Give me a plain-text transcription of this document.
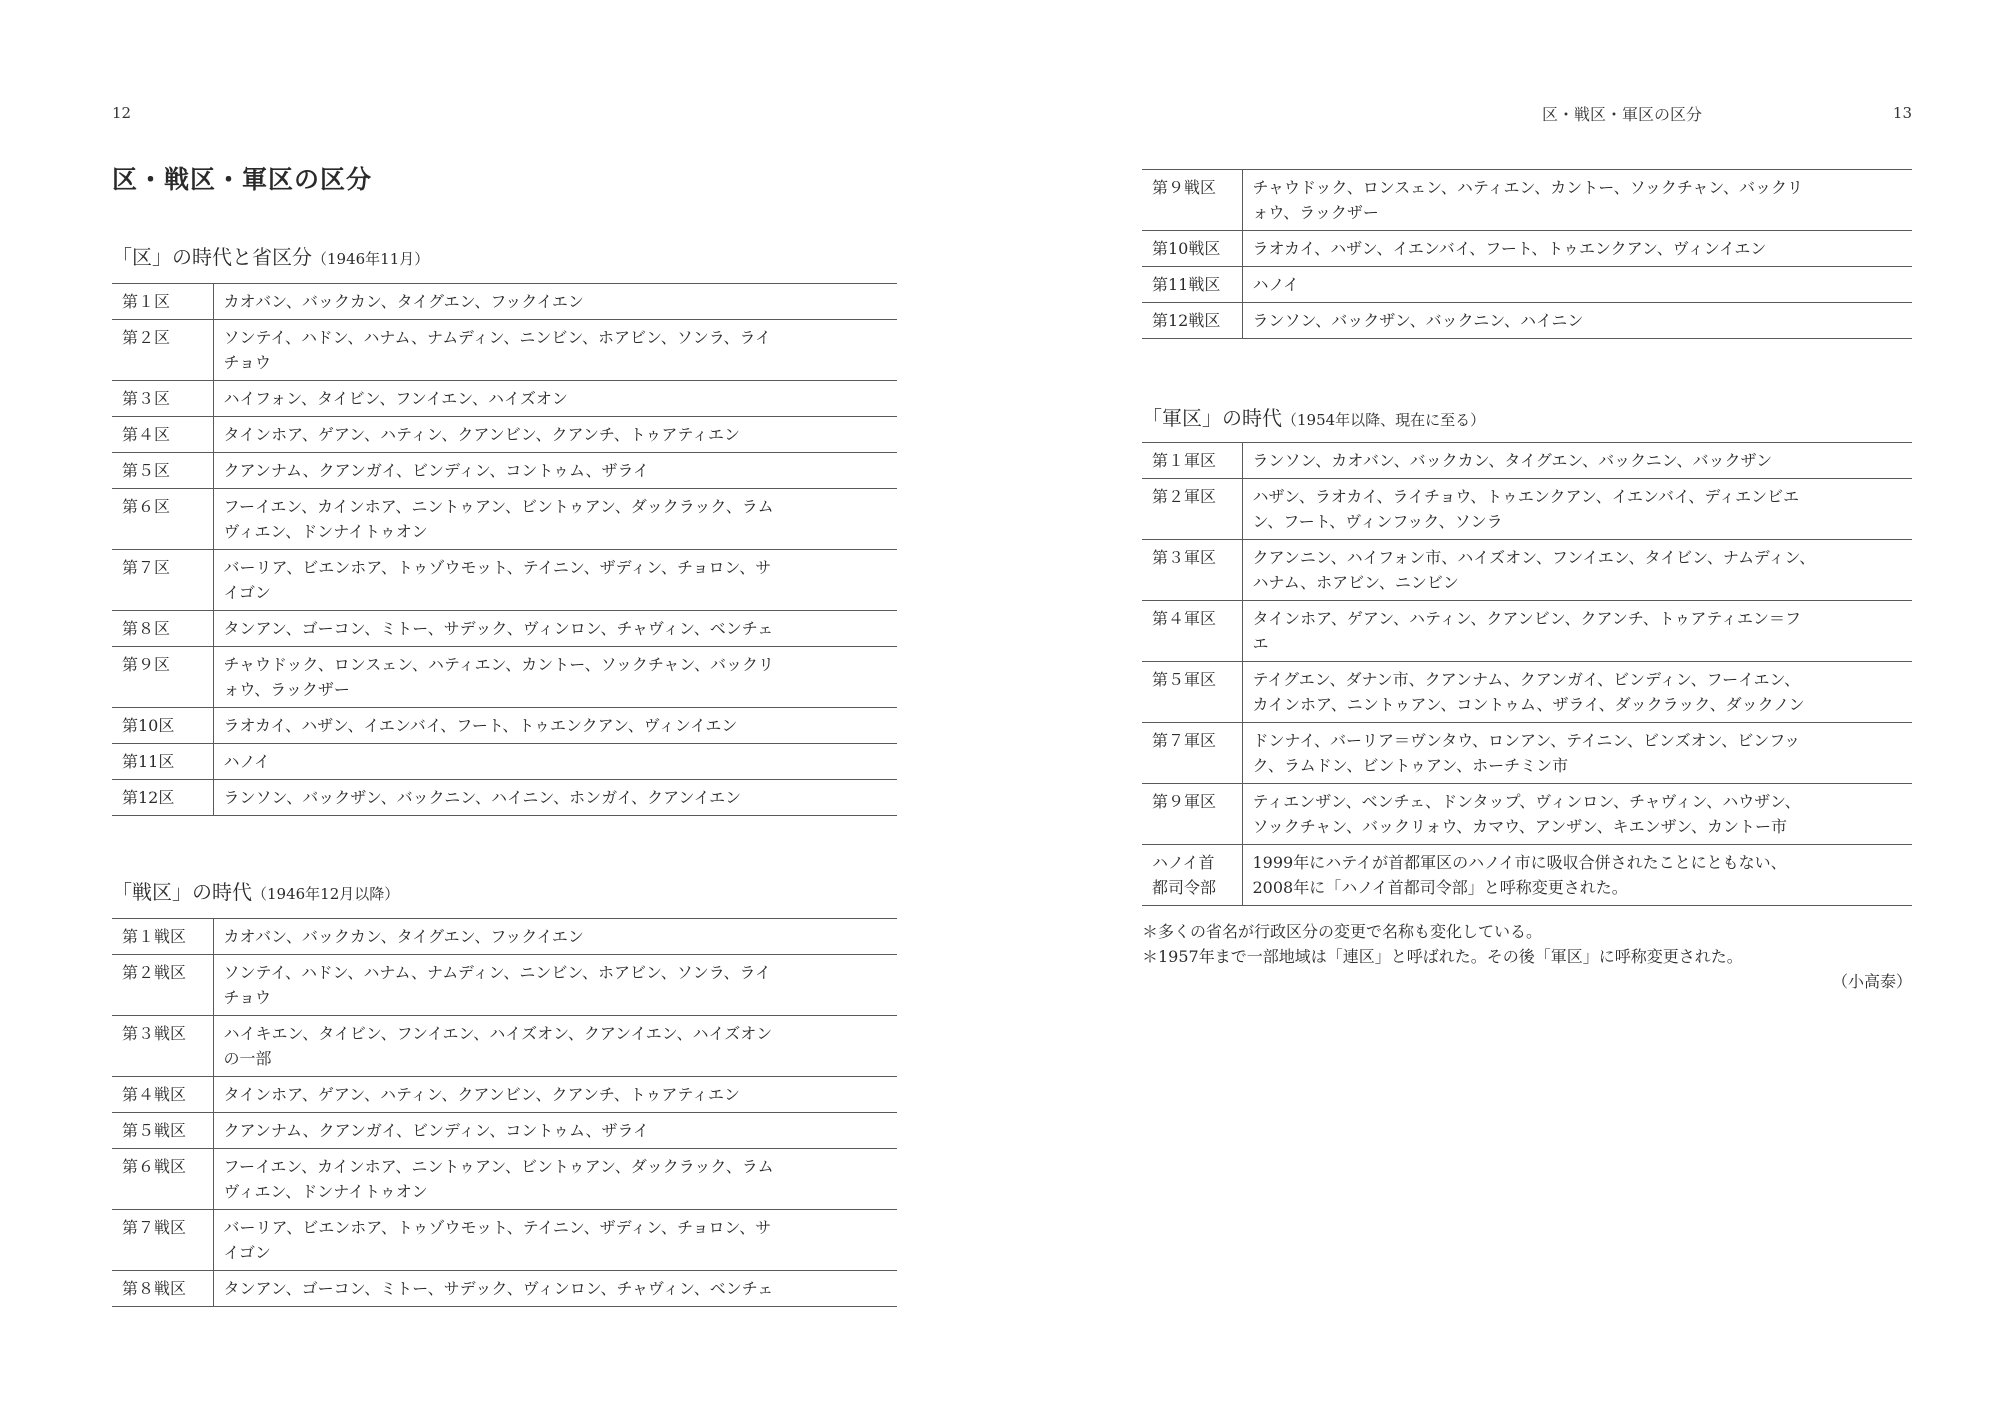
12
区・戦区・軍区の区分
「区」の時代と省区分（1946年11月）
第１区	カオバン、バックカン、タイグエン、フックイエン
第２区	ソンテイ、ハドン、ハナム、ナムディン、ニンビン、ホアビン、ソンラ、ライ
チョウ
第３区	ハイフォン、タイビン、フンイエン、ハイズオン
第４区	タインホア、ゲアン、ハティン、クアンビン、クアンチ、トゥアティエン
第５区	クアンナム、クアンガイ、ビンディン、コントゥム、ザライ
第６区	フーイエン、カインホア、ニントゥアン、ビントゥアン、ダックラック、ラム
ヴィエン、ドンナイトゥオン
第７区	バーリア、ビエンホア、トゥゾウモット、テイニン、ザディン、チョロン、サ
イゴン
第８区	タンアン、ゴーコン、ミトー、サデック、ヴィンロン、チャヴィン、ベンチェ
第９区	チャウドック、ロンスェン、ハティエン、カントー、ソックチャン、バックリ
ォウ、ラックザー
第10区	ラオカイ、ハザン、イエンバイ、フート、トゥエンクアン、ヴィンイエン
第11区	ハノイ
第12区	ランソン、バックザン、バックニン、ハイニン、ホンガイ、クアンイエン
「戦区」の時代（1946年12月以降）
第１戦区	カオバン、バックカン、タイグエン、フックイエン
第２戦区	ソンテイ、ハドン、ハナム、ナムディン、ニンビン、ホアビン、ソンラ、ライ
チョウ
第３戦区	ハイキエン、タイビン、フンイエン、ハイズオン、クアンイエン、ハイズオン
の一部
第４戦区	タインホア、ゲアン、ハティン、クアンビン、クアンチ、トゥアティエン
第５戦区	クアンナム、クアンガイ、ビンディン、コントゥム、ザライ
第６戦区	フーイエン、カインホア、ニントゥアン、ビントゥアン、ダックラック、ラム
ヴィエン、ドンナイトゥオン
第７戦区	バーリア、ビエンホア、トゥゾウモット、テイニン、ザディン、チョロン、サ
イゴン
第８戦区	タンアン、ゴーコン、ミトー、サデック、ヴィンロン、チャヴィン、ベンチェ
区・戦区・軍区の区分	13
第９戦区	チャウドック、ロンスェン、ハティエン、カントー、ソックチャン、バックリ
ォウ、ラックザー
第10戦区	ラオカイ、ハザン、イエンバイ、フート、トゥエンクアン、ヴィンイエン
第11戦区	ハノイ
第12戦区	ランソン、バックザン、バックニン、ハイニン
「軍区」の時代（1954年以降、現在に至る）
第１軍区	ランソン、カオバン、バックカン、タイグエン、バックニン、バックザン
第２軍区	ハザン、ラオカイ、ライチョウ、トゥエンクアン、イエンバイ、ディエンビエ
ン、フート、ヴィンフック、ソンラ
第３軍区	クアンニン、ハイフォン市、ハイズオン、フンイエン、タイビン、ナムディン、
ハナム、ホアビン、ニンビン
第４軍区	タインホア、ゲアン、ハティン、クアンビン、クアンチ、トゥアティエン＝フ
エ
第５軍区	テイグエン、ダナン市、クアンナム、クアンガイ、ビンディン、フーイエン、
カインホア、ニントゥアン、コントゥム、ザライ、ダックラック、ダックノン
第７軍区	ドンナイ、バーリア＝ヴンタウ、ロンアン、テイニン、ビンズオン、ビンフッ
ク、ラムドン、ビントゥアン、ホーチミン市
第９軍区	ティエンザン、ベンチェ、ドンタップ、ヴィンロン、チャヴィン、ハウザン、
ソックチャン、バックリォウ、カマウ、アンザン、キエンザン、カントー市
ハノイ首
都司令部	1999年にハテイが首都軍区のハノイ市に吸収合併されたことにともない、
2008年に「ハノイ首都司令部」と呼称変更された。
＊多くの省名が行政区分の変更で名称も変化している。
＊1957年まで一部地域は「連区」と呼ばれた。その後「軍区」に呼称変更された。
（小高泰）
